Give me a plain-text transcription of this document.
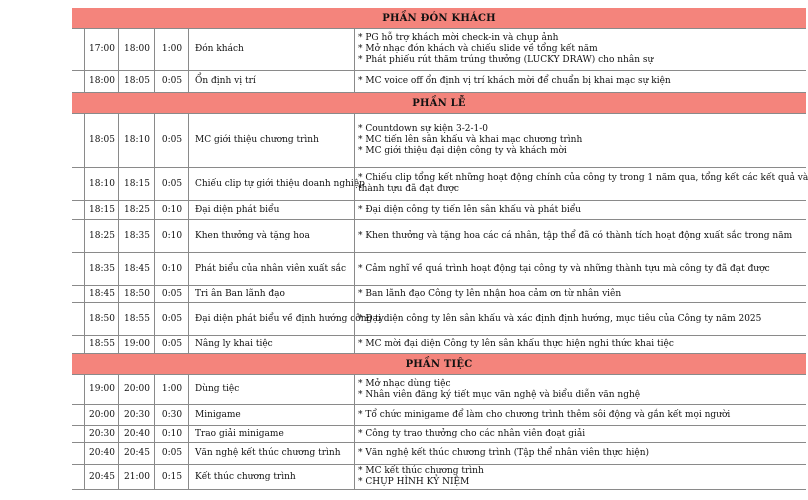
PHẦN ĐÓN KHÁCH
17:00	18:00	1:00	Đón khách
* PG hỗ trợ khách mời check-in và chụp ảnh
* Mở nhạc đón khách và chiếu slide về tổng kết năm
* Phát phiếu rút thăm trúng thưởng (LUCKY DRAW) cho nhân sự
18:00	18:05	0:05	Ổn định vị trí	* MC voice off ổn định vị trí khách mời để chuẩn bị khai mạc sự kiện
PHẦN LỄ
18:05	18:10	0:05	MC giới thiệu chương trình
* Countdown sự kiện 3-2-1-0
* MC tiến lên sân khấu và khai mạc chương trình
* MC giới thiệu đại diện công ty và khách mời
18:10	18:15	0:05	Chiếu clip tự giới thiệu doanh nghiệp
* Chiếu clip tổng kết những hoạt động chính của công ty trong 1 năm qua, tổng kết các kết quả và
thành tựu đã đạt được
18:15	18:25	0:10	Đại diện phát biểu	* Đại diện công ty tiến lên sân khấu và phát biểu
18:25	18:35	0:10	Khen thưởng và tặng hoa	* Khen thưởng và tặng hoa các cá nhân, tập thể đã có thành tích hoạt động xuất sắc trong năm
18:35	18:45	0:10	Phát biểu của nhân viên xuất sắc * Cảm nghĩ về quá trình hoạt động tại công ty và những thành tựu mà công ty đã đạt được
18:45	18:50	0:05	Tri ân Ban lãnh đạo	* Ban lãnh đạo Công ty lên nhận hoa cảm ơn từ nhân viên
18:50	18:55	0:05	Đại diện phát biểu về định hướng công ty
* Đại diện công ty lên sân khấu và xác định định hướng, mục tiêu của Công ty năm 2025
18:55	19:00	0:05	Nâng ly khai tiệc	* MC mời đại diện Công ty lên sân khấu thực hiện nghi thức khai tiệc
PHẦN TIỆC
19:00	20:00	1:00	Dùng tiệc
* Mở nhạc dùng tiệc
* Nhân viên đăng ký tiết mục văn nghệ và biểu diễn văn nghệ
20:00	20:30	0:30	Minigame	* Tổ chức minigame để làm cho chương trình thêm sôi động và gắn kết mọi người
20:30	20:40	0:10	Trao giải minigame	* Công ty trao thưởng cho các nhân viên đoạt giải
20:40	20:45	0:05	Văn nghệ kết thúc chương trình * Văn nghệ kết thúc chương trình (Tập thể nhân viên thực hiện)
20:45	21:00	0:15	Kết thúc chương trình
* MC kết thúc chương trình
* CHỤP HÌNH KỶ NIỆM
